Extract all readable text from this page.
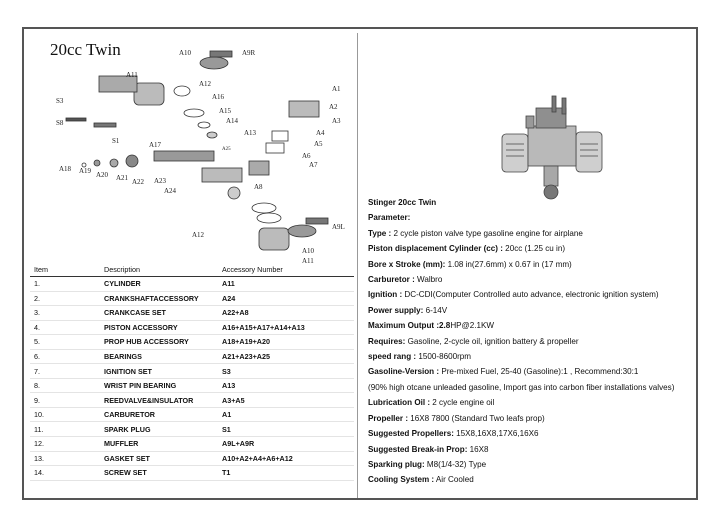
20cc Twin	A10	A9R
A11
A12
A1
A16
A2
A15
A3
A14
A13	A4
A5
A25
A6
A7
A8
A24
A23
A22
A21
A20
A19
A18
A17
S1
S3
S8
A12
A9L
A10
A11
Item	Description	Accessory Number
1.	CYLINDER	A11
2.	CRANKSHAFTACCESSORY	A24
3.	CRANKCASE SET	A22+A8
4.	PISTON ACCESSORY	A16+A15+A17+A14+A13
5.	PROP HUB ACCESSORY	A18+A19+A20
6.	BEARINGS	A21+A23+A25
7.	IGNITION SET	S3
8.	WRIST PIN BEARING	A13
9.	REEDVALVE&INSULATOR	A3+A5
10.	CARBURETOR	A1
11.	SPARK PLUG	S1
12.	MUFFLER	A9L+A9R
13.	GASKET SET	A10+A2+A4+A6+A12
14.	SCREW SET	T1
Stinger 20cc Twin
Parameter:
Type : 2 cycle piston valve type gasoline engine for airplane
Piston displacement Cylinder (cc) : 20cc (1.25 cu in)
Bore x Stroke (mm): 1.08 in(27.6mm) x 0.67 in (17 mm)
Carburetor : Walbro
Ignition : DC-CDI(Computer Controlled auto advance, electronic ignition system)
Power supply: 6-14V
Maximum Output :2.8HP@2.1KW
Requires: Gasoline, 2-cycle oil, ignition battery & propeller
speed rang : 1500-8600rpm
Gasoline-Version : Pre-mixed Fuel, 25-40 (Gasoline):1 , Recommend:30:1
(90% high otcane unleaded gasoline, Import gas into carbon fiber installations valves)
Lubrication Oil : 2 cycle engine oil
Propeller : 16X8 7800 (Standard Two leafs prop)
Suggested Propellers: 15X8,16X8,17X6,16X6
Suggested Break-in Prop: 16X8
Sparking plug: M8(1/4-32) Type
Cooling System : Air Cooled
